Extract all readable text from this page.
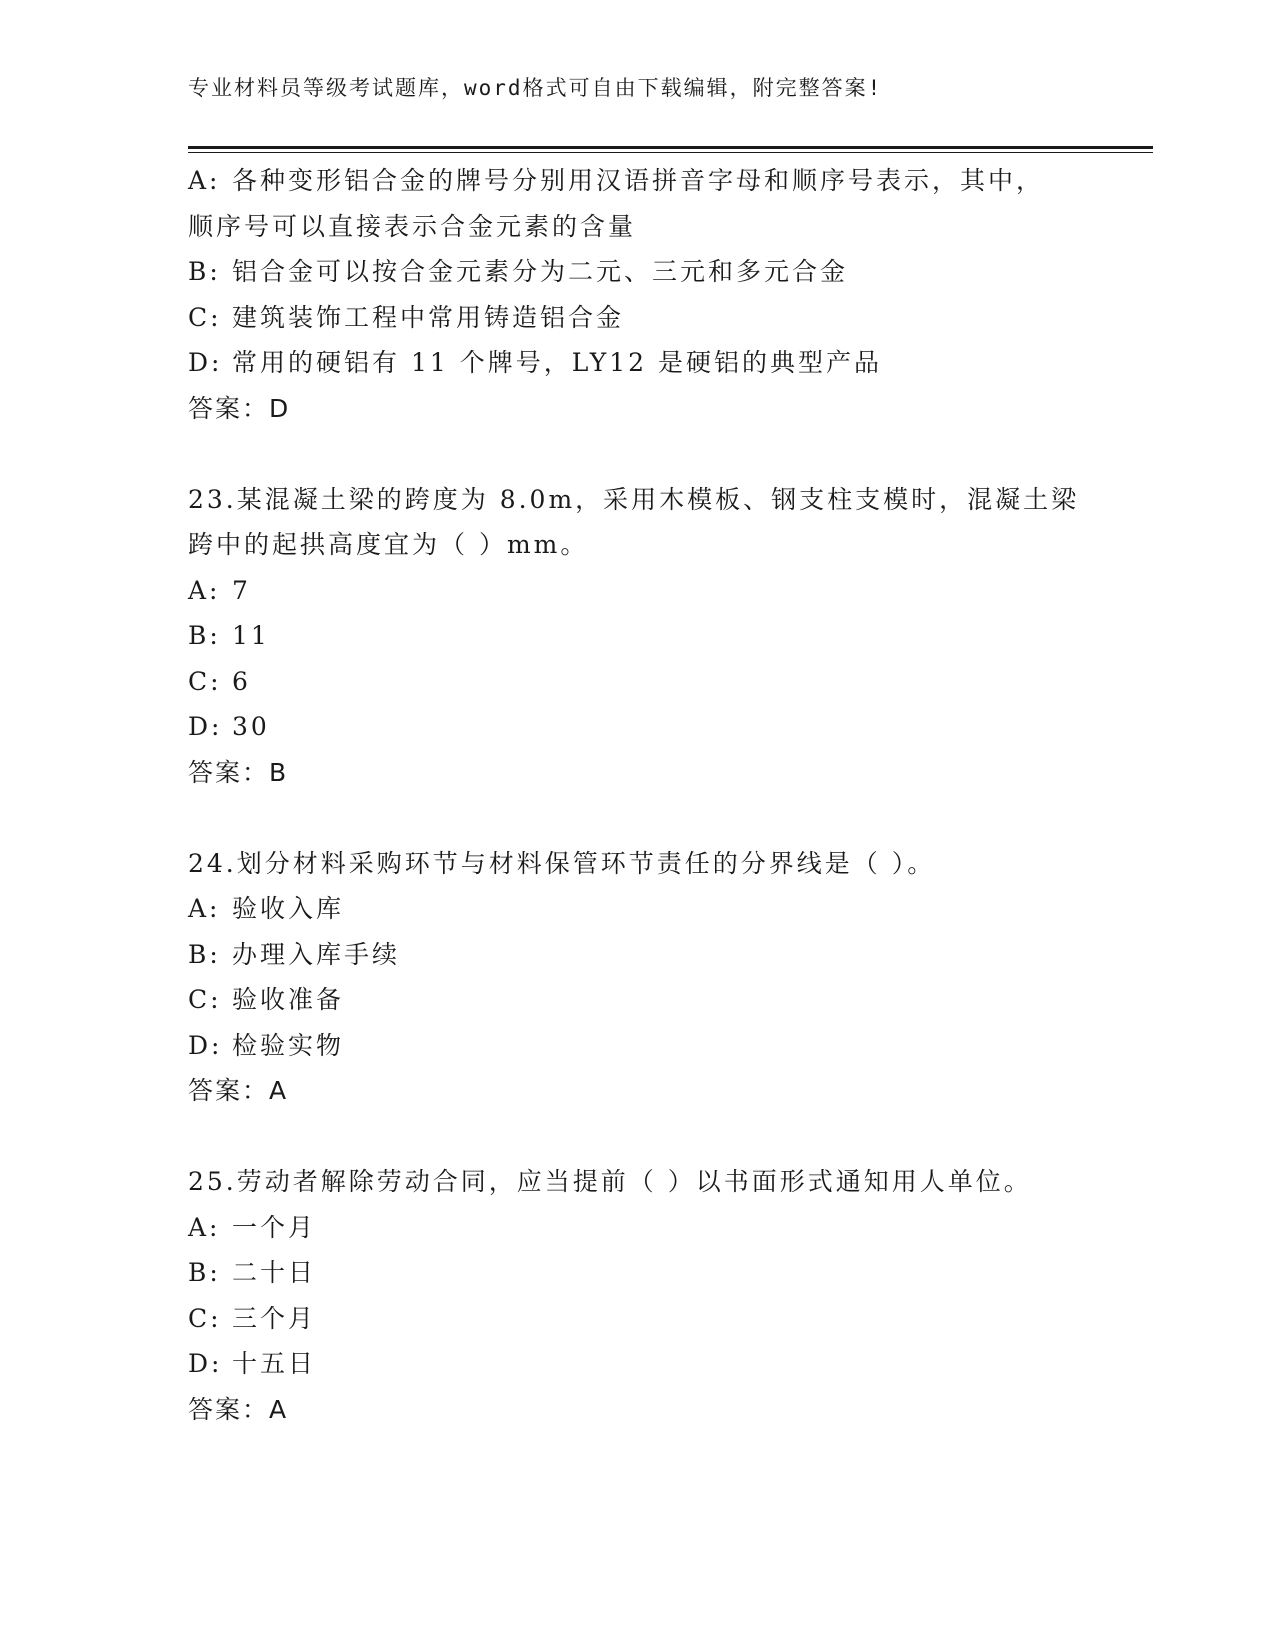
专业材料员等级考试题库，word格式可自由下载编辑，附完整答案!
A: 各种变形铝合金的牌号分别用汉语拼音字母和顺序号表示，其中，
顺序号可以直接表示合金元素的含量
B: 铝合金可以按合金元素分为二元、三元和多元合金
C: 建筑装饰工程中常用铸造铝合金
D: 常用的硬铝有 11 个牌号，LY12 是硬铝的典型产品
答案：D
23.某混凝土梁的跨度为 8.0m，采用木模板、钢支柱支模时，混凝土梁
跨中的起拱高度宜为（ ）mm。
A: 7
B: 11
C: 6
D: 30
答案：B
24.划分材料采购环节与材料保管环节责任的分界线是（ ）。
A: 验收入库
B: 办理入库手续
C: 验收准备
D: 检验实物
答案：A
25.劳动者解除劳动合同，应当提前（ ）以书面形式通知用人单位。
A: 一个月
B: 二十日
C: 三个月
D: 十五日
答案：A
